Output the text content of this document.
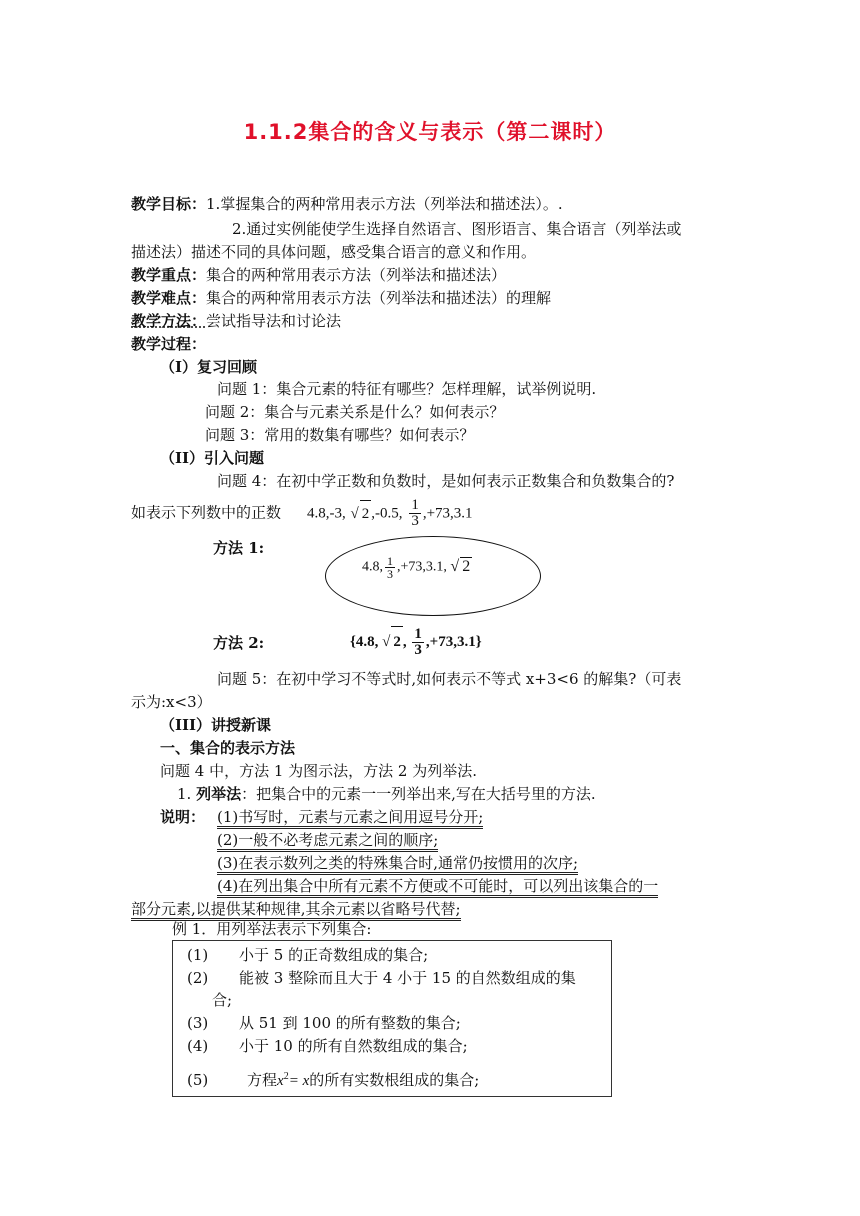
1.1.2集合的含义与表示（第二课时）
教学目标：1.掌握集合的两种常用表示方法（列举法和描述法）。.
2.通过实例能使学生选择自然语言、图形语言、集合语言（列举法或
描述法）描述不同的具体问题，感受集合语言的意义和作用。
教学重点：集合的两种常用表示方法（列举法和描述法）
教学难点：集合的两种常用表示方法（列举法和描述法）的理解
教学方法：尝试指导法和讨论法
教学过程：
（I）复习回顾
问题 1：集合元素的特征有哪些？怎样理解，试举例说明.
问题 2：集合与元素关系是什么？如何表示？
问题 3：常用的数集有哪些？如何表示？
（II）引入问题
问题 4：在初中学正数和负数时，是如何表示正数集合和负数集合的?
如表示下列数中的正数 4.8,-3, √ 2 ,-0.5, $\frac{1}{3} ,+73,3.1$
方法 1:
4.8, $\frac{1}{3} ,+73,3.1$, √ 2
方法 2:	{4.8, √ 2 , $\frac{1}{3} ,+73,3.1$}
问题 5：在初中学习不等式时,如何表示不等式 x+3<6 的解集?（可表
示为:x<3）
（III）讲授新课
一、集合的表示方法
问题 4 中，方法 1 为图示法，方法 2 为列举法.
1. 列举法：把集合中的元素一一列举出来,写在大括号里的方法.
说明： (1)书写时，元素与元素之间用逗号分开;
(2)一般不必考虑元素之间的顺序;
(3)在表示数列之类的特殊集合时,通常仍按惯用的次序;
(4)在列出集合中所有元素不方便或不可能时，可以列出该集合的一
部分元素,以提供某种规律,其余元素以省略号代替;
例 1．用列举法表示下列集合:
(1) 小于 5 的正奇数组成的集合;
(2) 能被 3 整除而且大于 4 小于 15 的自然数组成的集
合;
(3) 从 51 到 100 的所有整数的集合;
(4) 小于 10 的所有自然数组成的集合;
(5)	方程$x^2= x$的所有实数根组成的集合;
